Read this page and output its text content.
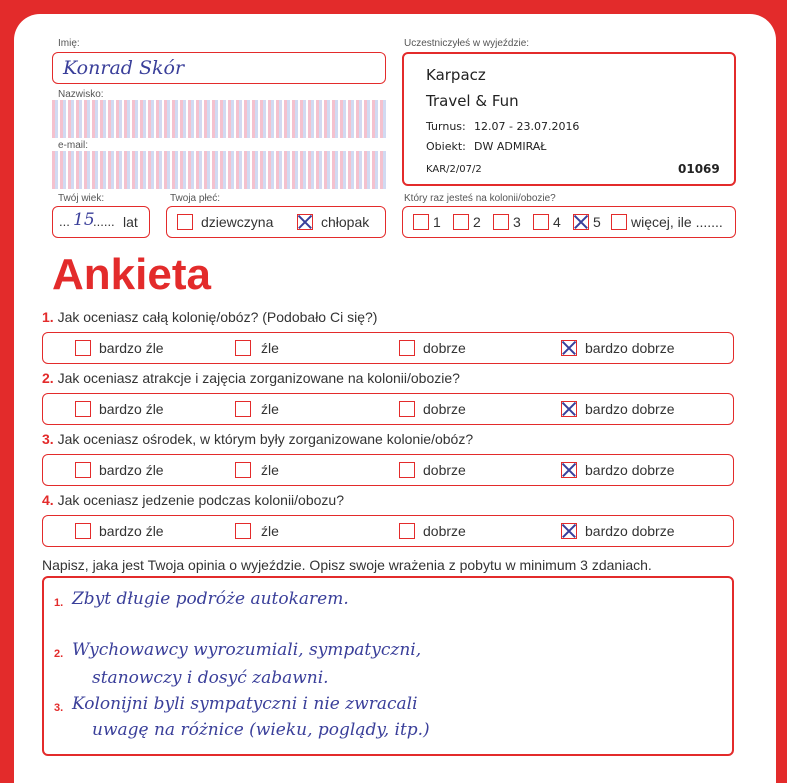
Imię:
Konrad Skór
Nazwisko:
e-mail:
Twój wiek:
... 15
...... lat
Twoja płeć:
dziewczyna	chłopak
Uczestniczyłeś w wyjeździe:
Karpacz
Travel & Fun
Turnus: 12.07 - 23.07.2016
Obiekt: DW ADMIRAŁ
KAR/2/07/2	01069
Który raz jesteś na kolonii/obozie?
1 2 3 4 5 więcej, ile .......
Ankieta
1. Jak oceniasz całą kolonię/obóz? (Podobało Ci się?)
bardzo źle	źle	dobrze	bardzo dobrze
2. Jak oceniasz atrakcje i zajęcia zorganizowane na kolonii/obozie?
bardzo źle	źle	dobrze	bardzo dobrze
3. Jak oceniasz ośrodek, w którym były zorganizowane kolonie/obóz?
bardzo źle	źle	dobrze	bardzo dobrze
4. Jak oceniasz jedzenie podczas kolonii/obozu?
bardzo źle	źle	dobrze	bardzo dobrze
Napisz, jaka jest Twoja opinia o wyjeździe. Opisz swoje wrażenia z pobytu w minimum 3 zdaniach.
1. Zbyt długie podróże autokarem.
2. Wychowawcy wyrozumiali, sympatyczni,
stanowczy i dosyć zabawni.
3. Kolonijni byli sympatyczni i nie zwracali
uwagę na różnice (wieku, poglądy, itp.)
